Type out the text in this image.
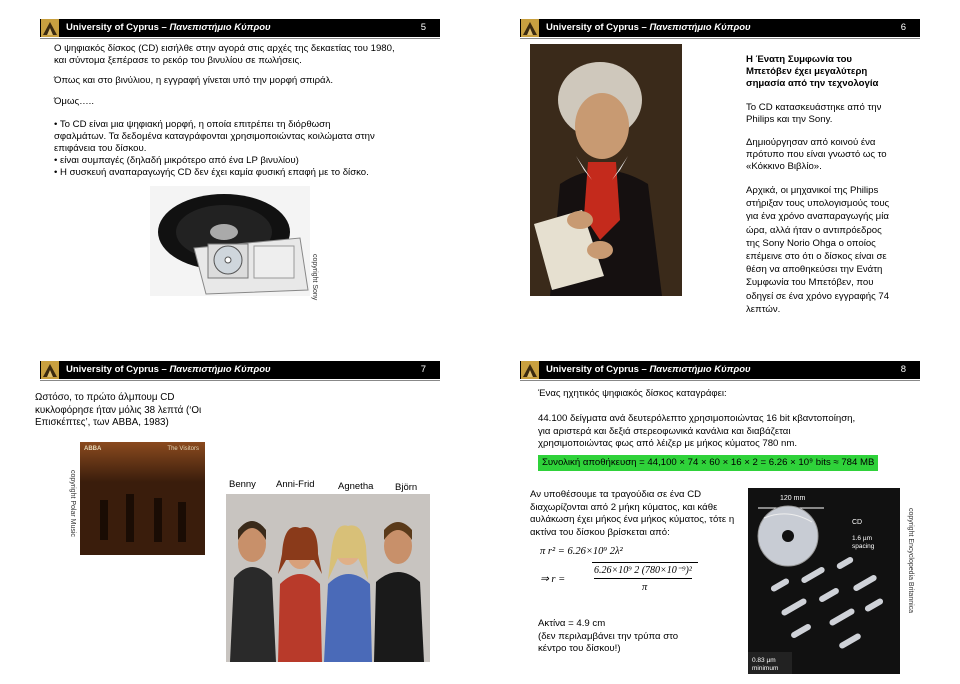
University of Cyprus – Πανεπιστήμιο Κύπρου	5

Ο ψηφιακός δίσκος (CD) εισήλθε στην αγορά στις αρχές της δεκαετίας του 1980,

και σύντομα ξεπέρασε το ρεκόρ του βινυλίου σε πωλήσεις.

Όπως και στο βινύλιου, η εγγραφή γίνεται υπό την μορφή σπιράλ.

Όμως…..

• Το CD είναι μια ψηφιακή μορφή, η οποία επιτρέπει τη διόρθωση

σφαλμάτων. Τα δεδομένα καταγράφονται χρησιμοποιώντας κοιλώματα στην

επιφάνεια του δίσκου.

• είναι συμπαγές (δηλαδή μικρότερο από ένα LP βινυλίου)

• Η συσκευή αναπαραγωγής CD δεν έχει καμία φυσική επαφή με το δίσκο.

copyright Sony
University of Cyprus – Πανεπιστήμιο Κύπρου	6

Η Ένατη Συμφωνία του

Μπετόβεν έχει μεγαλύτερη

σημασία από την τεχνολογία

Το CD κατασκευάστηκε από την

Philips και την Sony.

Δημιούργησαν από κοινού ένα

πρότυπο που είναι γνωστό ως το

«Κόκκινο Βιβλίο».

Αρχικά, οι μηχανικοί της Philips

στήριξαν τους υπολογισμούς τους

για ένα χρόνο αναπαραγωγής μία

ώρα, αλλά ήταν ο αντιπρόεδρος

της Sony Norio Ohga ο οποίος

επέμεινε στο ότι ο δίσκος είναι σε

θέση να αποθηκεύσει την Ενάτη

Συμφωνία του Μπετόβεν, που

οδηγεί σε ένα χρόνο εγγραφής 74

λεπτών.

University of Cyprus – Πανεπιστήμιο Κύπρου	7

Ωστόσο, το πρώτο άλμπουμ CD

κυκλοφόρησε ήταν μόλις 38 λεπτά (‘Οι

Επισκέπτες’, των ABBA, 1983)

ABBA	The Visitors
copyright Polar Music	Benny Anni-Frid Agnetha Björn
University of Cyprus – Πανεπιστήμιο Κύπρου	8
Ένας ηχητικός ψηφιακός δίσκος καταγράφει:

44.100 δείγματα ανά δευτερόλεπτο χρησιμοποιώντας 16 bit κβαντοποίηση,

για αριστερά και δεξιά στερεοφωνικά κανάλια και διαβάζεται

χρησιμοποιώντας φως από λέιζερ με μήκος κύματος 780 nm.

Συνολική αποθήκευση = 44,100 × 74 × 60 × 16 × 2 = 6.26 × 10⁹ bits ≈ 784 MB

Αν υποθέσουμε τα τραγούδια σε ένα CD

διαχωρίζονται από 2 μήκη κύματος, και κάθε

αυλάκωση έχει μήκος ένα μήκος κύματος, τότε η

ακτίνα του δίσκου βρίσκεται από:

π r² = 6.26×10⁹ 2λ²
⇒ r =
6.26×10⁹ 2 (780×10⁻⁹)²
π

Ακτίνα = 4.9 cm

(δεν περιλαμβάνει την τρύπα στο

κέντρο του δίσκου!)

120 mm
CD
1.6 µm
spacing
0.83 µm
minimum
copyright Encyclopedia Britannica
